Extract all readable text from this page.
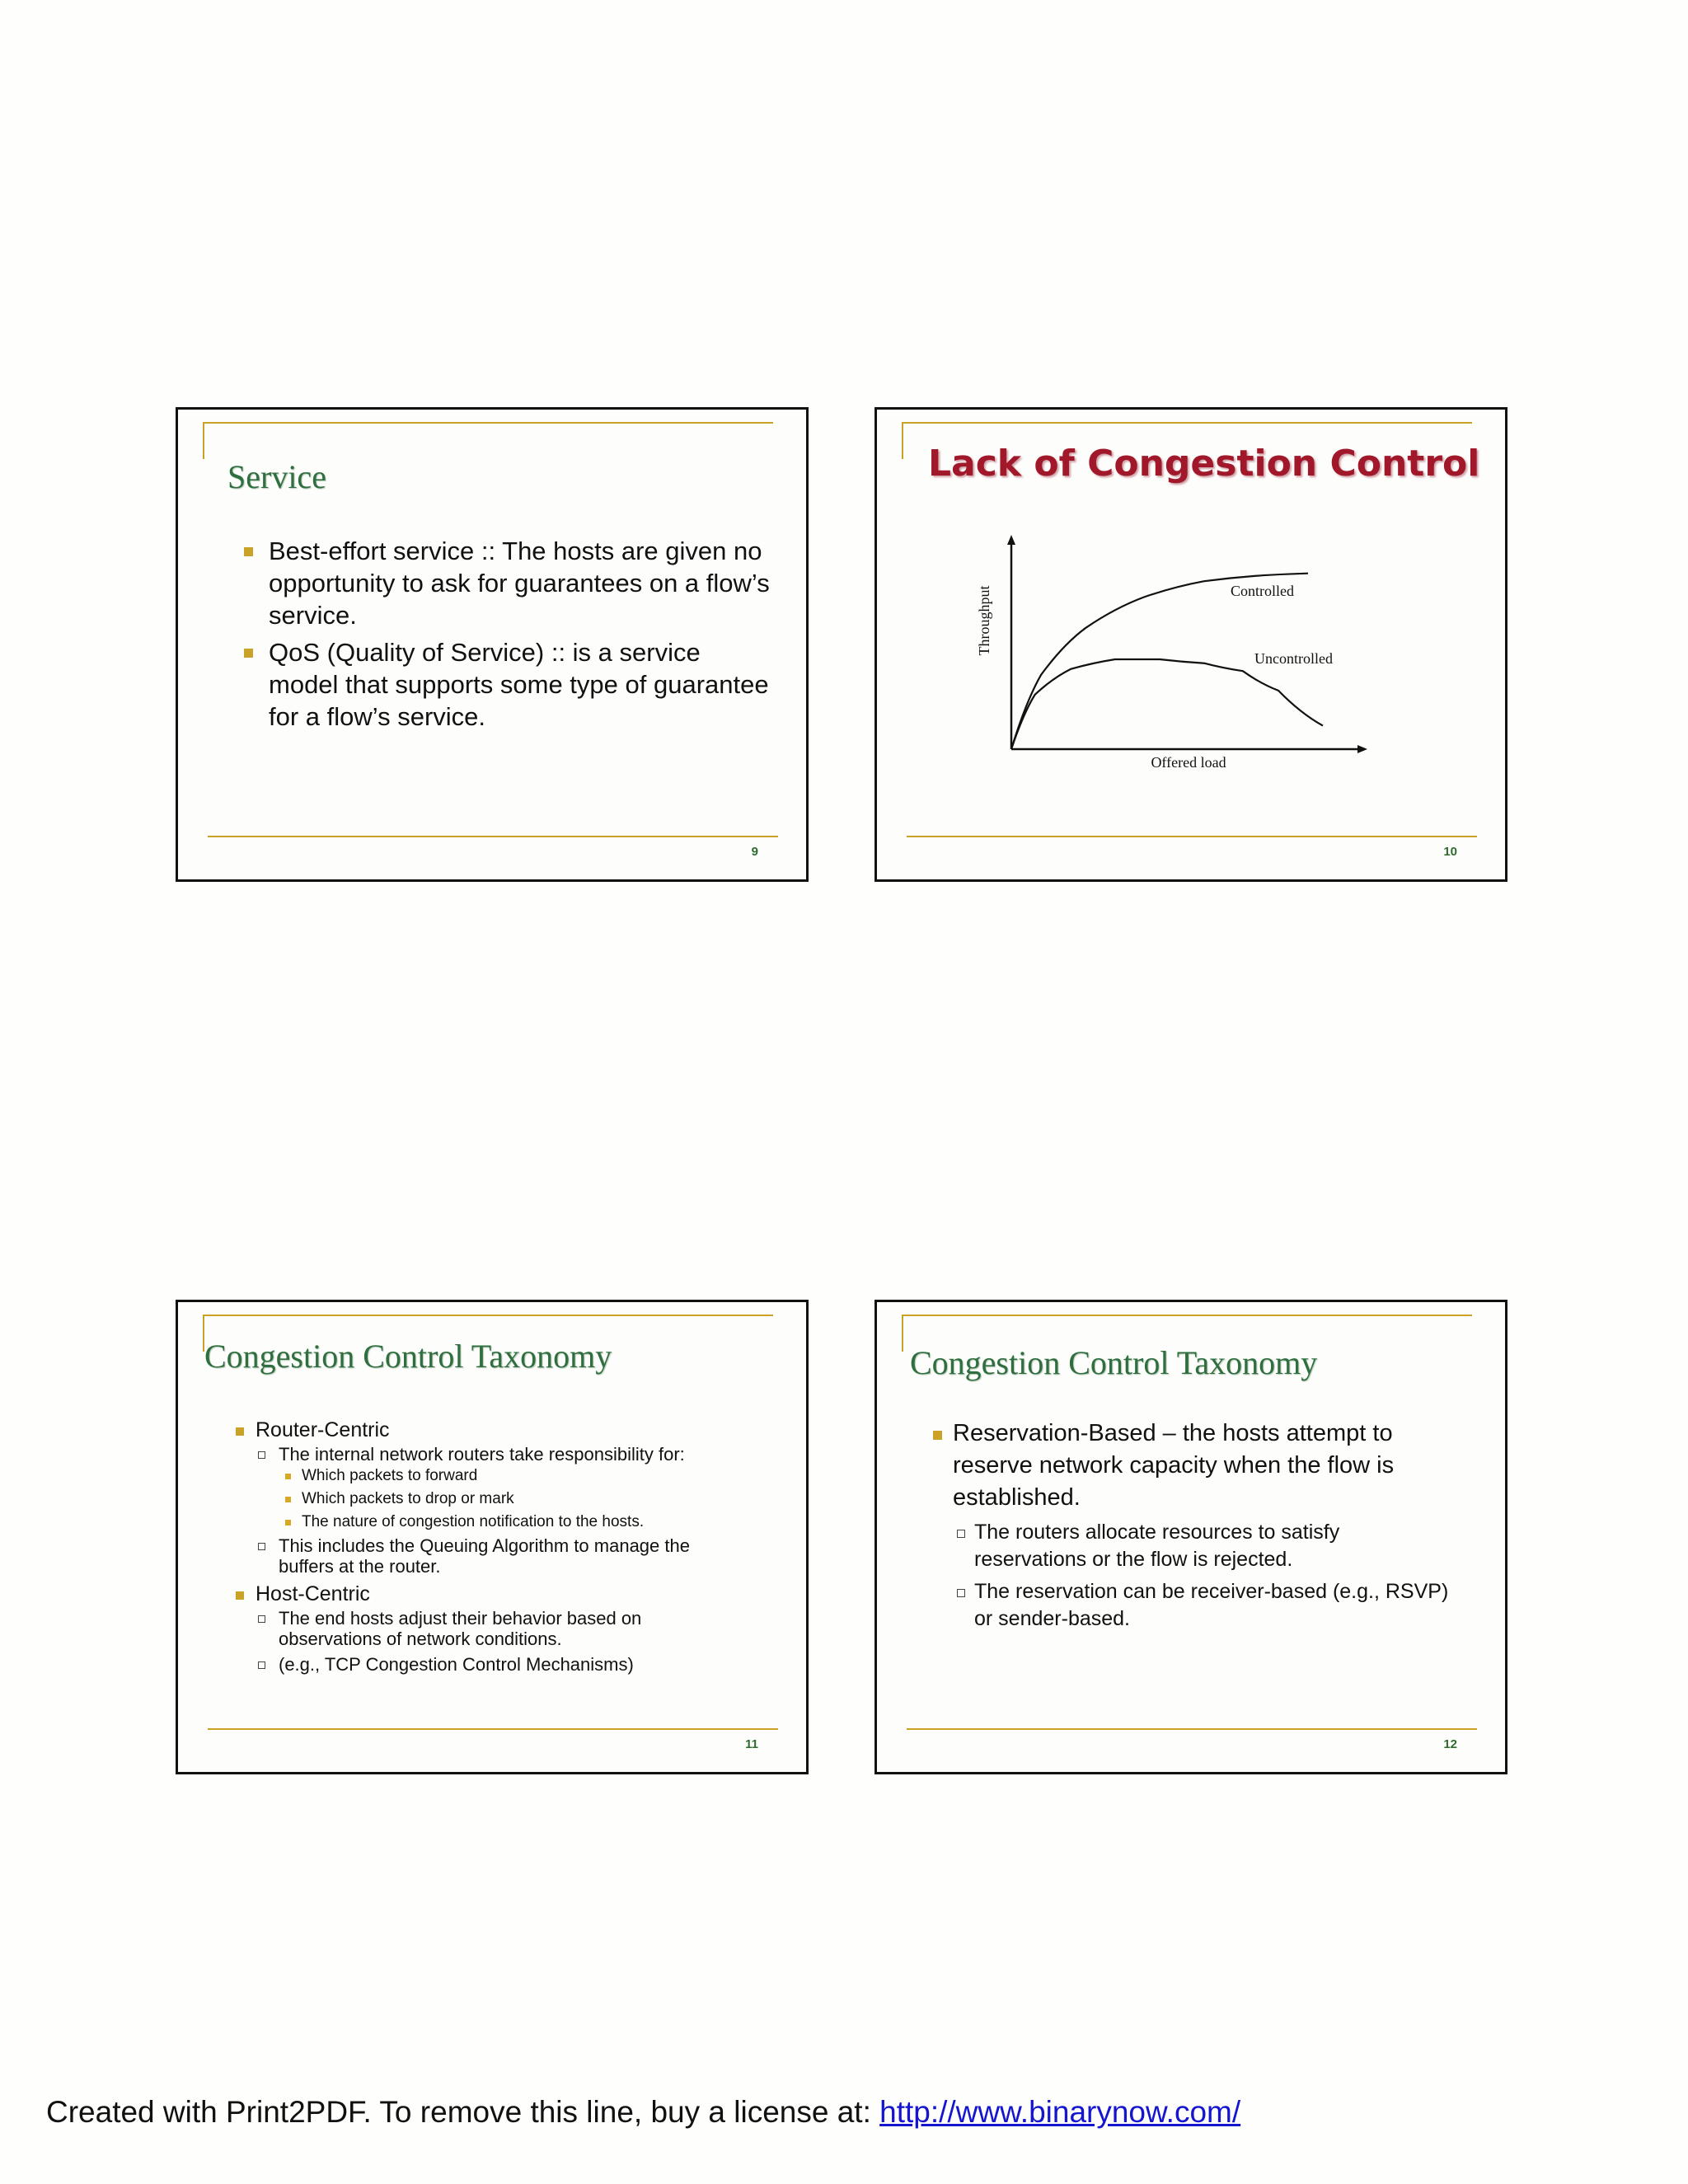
Service
Best-effort service :: The hosts are given no opportunity to ask for guarantees on a flow’s service.
QoS (Quality of Service) :: is a service model that supports some type of guarantee for a flow’s service.
9
Lack of Congestion Control
Offered load
Throughput	Controlled
Uncontrolled
10
Congestion Control Taxonomy
Router-Centric
The internal network routers take responsibility for:
Which packets to forward
Which packets to drop or mark
The nature of congestion notification to the hosts.
This includes the Queuing Algorithm to manage the buffers at the router.
Host-Centric
The end hosts adjust their behavior based on observations of network conditions.
(e.g., TCP Congestion Control Mechanisms)
11
Congestion Control Taxonomy
Reservation-Based – the hosts attempt to reserve network capacity when the flow is established.
The routers allocate resources to satisfy reservations or the flow is rejected.
The reservation can be receiver-based (e.g., RSVP) or sender-based.
12
Created with Print2PDF. To remove this line, buy a license at: http://www.binarynow.com/
